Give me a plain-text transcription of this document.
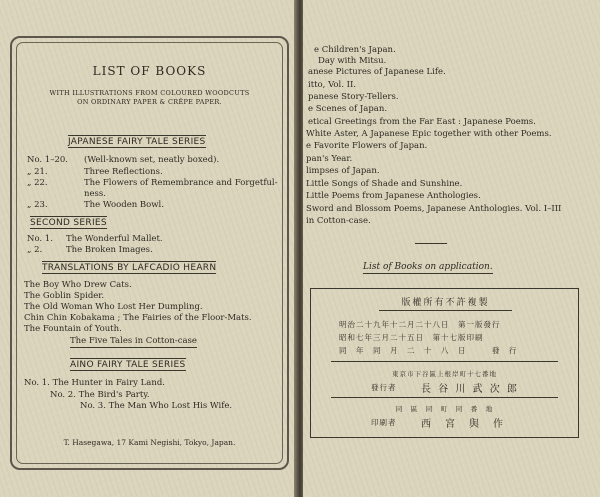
LIST OF BOOKS
WITH ILLUSTRATIONS FROM COLOURED WOODCUTS
ON ORDINARY PAPER & CRÊPE PAPER.
JAPANESE FAIRY TALE SERIES
No. 1–20. (Well-known set, neatly boxed).
„ 21.	Three Reflections.
„ 22.	The Flowers of Remembrance and Forgetful-
ness.
„ 23.	The Wooden Bowl.
SECOND SERIES
No. 1. The Wonderful Mallet.
„ 2.	The Broken Images.
TRANSLATIONS BY LAFCADIO HEARN
The Boy Who Drew Cats.
The Goblin Spider.
The Old Woman Who Lost Her Dumpling.
Chin Chin Kobakama ; The Fairies of the Floor-Mats.
The Fountain of Youth.
The Five Tales in Cotton-case
AINO FAIRY TALE SERIES
No. 1. The Hunter in Fairy Land.
No. 2. The Bird's Party.
No. 3. The Man Who Lost His Wife.
T. Hasegawa, 17 Kami Negishi, Tokyo, Japan.
e Children's Japan.
Day with Mitsu.
anese Pictures of Japanese Life.
itto, Vol. II.
panese Story-Tellers.
e Scenes of Japan.
etical Greetings from the Far East : Japanese Poems.
White Aster, A Japanese Epic together with other Poems.
e Favorite Flowers of Japan.
pan's Year.
limpses of Japan.
Little Songs of Shade and Sunshine.
Little Poems from Japanese Anthologies.
Sword and Blossom Poems, Japanese Anthologies. Vol. I–III
in Cotton-case.
List of Books on application.
版權所有不許複製
明治二十九年十二月二十八日　第一版發行
昭和七年三月二十五日　第十七版印刷
同　年　同　月　二　十　八　日　　　發　行
東京市下谷區上根岸町十七番地
發行者 長 谷 川 武 次 郎
同　區　同　町　同　番　地
印刷者 西　宮　與　作
